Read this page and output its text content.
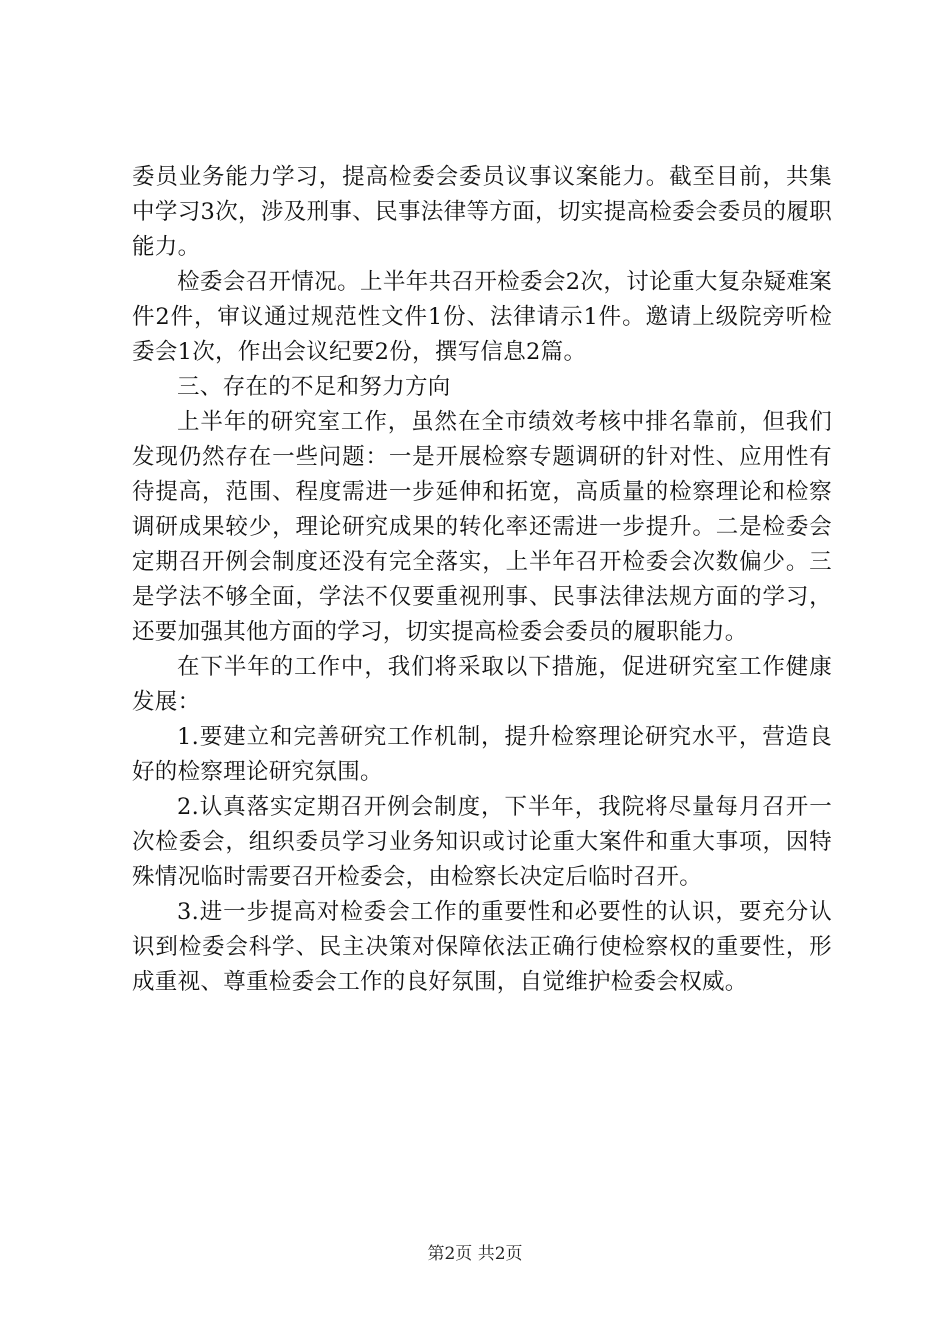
委员业务能力学习，提高检委会委员议事议案能力。截至目前，共集中学习3次，涉及刑事、民事法律等方面，切实提高检委会委员的履职能力。

检委会召开情况。上半年共召开检委会2次，讨论重大复杂疑难案件2件，审议通过规范性文件1份、法律请示1件。邀请上级院旁听检委会1次，作出会议纪要2份，撰写信息2篇。

三、存在的不足和努力方向

上半年的研究室工作，虽然在全市绩效考核中排名靠前，但我们发现仍然存在一些问题：一是开展检察专题调研的针对性、应用性有待提高，范围、程度需进一步延伸和拓宽，高质量的检察理论和检察调研成果较少，理论研究成果的转化率还需进一步提升。二是检委会定期召开例会制度还没有完全落实，上半年召开检委会次数偏少。三是学法不够全面，学法不仅要重视刑事、民事法律法规方面的学习，还要加强其他方面的学习，切实提高检委会委员的履职能力。

在下半年的工作中，我们将采取以下措施，促进研究室工作健康发展：

1.要建立和完善研究工作机制，提升检察理论研究水平，营造良好的检察理论研究氛围。

2.认真落实定期召开例会制度，下半年，我院将尽量每月召开一次检委会，组织委员学习业务知识或讨论重大案件和重大事项，因特殊情况临时需要召开检委会，由检察长决定后临时召开。

3.进一步提高对检委会工作的重要性和必要性的认识，要充分认识到检委会科学、民主决策对保障依法正确行使检察权的重要性，形成重视、尊重检委会工作的良好氛围，自觉维护检委会权威。

第2页 共2页
